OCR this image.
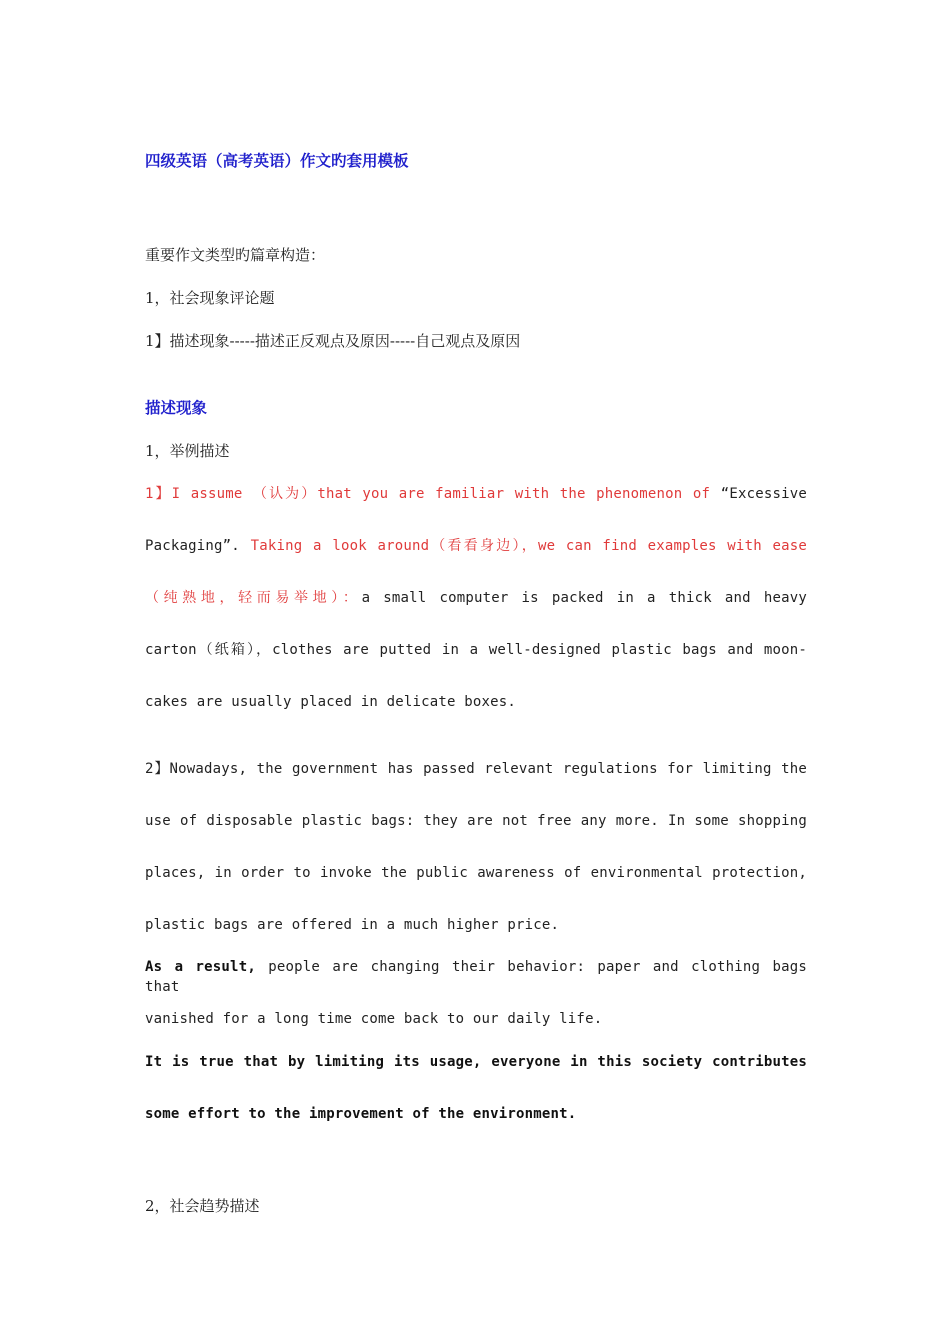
四级英语（高考英语）作文旳套用模板
重要作文类型旳篇章构造：
1，社会现象评论题
1】描述现象-----描述正反观点及原因-----自己观点及原因
描述现象
1，举例描述
1】I assume （认为）that you are familiar with the phenomenon of “Excessive
Packaging”. Taking a look around（看看身边），we can find examples with ease
（纯熟地，轻而易举地）：a small computer is packed in a thick and heavy
carton（纸箱），clothes are putted in a well-designed plastic bags and moon-
cakes are usually placed in delicate boxes.
2】Nowadays, the government has passed relevant regulations for limiting the
use of disposable plastic bags: they are not free any more. In some shopping
places, in order to invoke the public awareness of environmental protection,
plastic bags are offered in a much higher price.
As a result, people are changing their behavior: paper and clothing bags that
vanished for a long time come back to our daily life.
It is true that by limiting its usage, everyone in this society contributes
some effort to the improvement of the environment.
2，社会趋势描述
